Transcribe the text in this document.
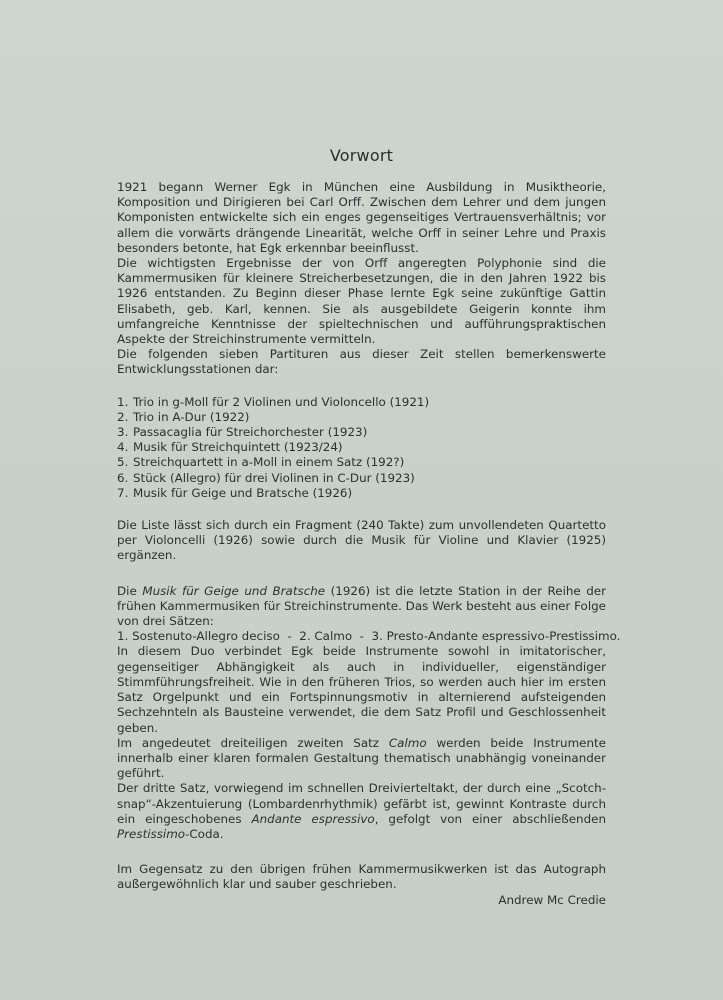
Vorwort

1921 begann Werner Egk in München eine Ausbildung in Musiktheorie, Komposition und Dirigieren bei Carl Orff. Zwischen dem Lehrer und dem jungen Komponisten entwickelte sich ein enges gegenseitiges Vertrauensverhältnis; vor allem die vorwärts drängende Linearität, welche Orff in seiner Lehre und Praxis besonders betonte, hat Egk erkennbar beeinflusst.

Die wichtigsten Ergebnisse der von Orff angeregten Polyphonie sind die Kammermusiken für kleinere Streicherbesetzungen, die in den Jahren 1922 bis 1926 entstanden. Zu Beginn dieser Phase lernte Egk seine zukünftige Gattin Elisabeth, geb. Karl, kennen. Sie als ausgebildete Geigerin konnte ihm umfangreiche Kenntnisse der spieltechnischen und aufführungspraktischen Aspekte der Streichinstrumente vermitteln.

Die folgenden sieben Partituren aus dieser Zeit stellen bemerkenswerte Entwicklungsstationen dar:

1. Trio in g-Moll für 2 Violinen und Violoncello (1921)
2. Trio in A-Dur (1922)
3. Passacaglia für Streichorchester (1923)
4. Musik für Streichquintett (1923/24)
5. Streichquartett in a-Moll in einem Satz (192?)
6. Stück (Allegro) für drei Violinen in C-Dur (1923)
7. Musik für Geige und Bratsche (1926)

Die Liste lässt sich durch ein Fragment (240 Takte) zum unvollendeten Quartetto per Violoncelli (1926) sowie durch die Musik für Violine und Klavier (1925) ergänzen.

Die Musik für Geige und Bratsche (1926) ist die letzte Station in der Reihe der frühen Kammermusiken für Streichinstrumente. Das Werk besteht aus einer Folge von drei Sätzen:

1. Sostenuto-Allegro deciso  -  2. Calmo  -  3. Presto-Andante espressivo-Prestissimo.

In diesem Duo verbindet Egk beide Instrumente sowohl in imitatorischer, gegenseitiger Abhängigkeit als auch in individueller, eigenständiger Stimmführungsfreiheit. Wie in den früheren Trios, so werden auch hier im ersten Satz Orgelpunkt und ein Fortspinnungsmotiv in alternierend aufsteigenden Sechzehnteln als Bausteine verwendet, die dem Satz Profil und Geschlossenheit geben.

Im angedeutet dreiteiligen zweiten Satz Calmo werden beide Instrumente innerhalb einer klaren formalen Gestaltung thematisch unabhängig voneinander geführt.

Der dritte Satz, vorwiegend im schnellen Dreivierteltakt, der durch eine „Scotch-snap“-Akzentuierung (Lombardenrhythmik) gefärbt ist, gewinnt Kontraste durch ein eingeschobenes Andante espressivo, gefolgt von einer abschließenden Prestissimo-Coda.

Im Gegensatz zu den übrigen frühen Kammermusikwerken ist das Autograph außergewöhnlich klar und sauber geschrieben.

Andrew Mc Credie
